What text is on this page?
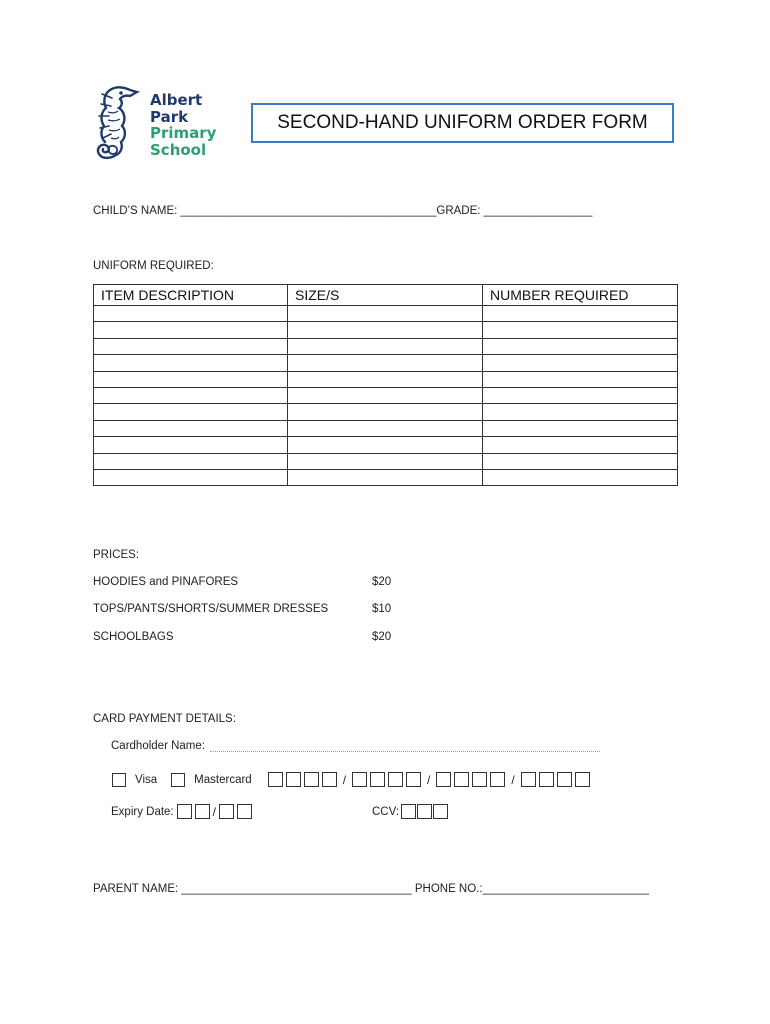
Albert
Park
Primary
School
SECOND-HAND UNIFORM ORDER FORM
CHILD’S NAME: ________________________________________GRADE: _________________
UNIFORM REQUIRED:
ITEM DESCRIPTION	SIZE/S	NUMBER REQUIRED

PRICES:
HOODIES and PINAFORES	$20
TOPS/PANTS/SHORTS/SUMMER DRESSES	$10
SCHOOLBAGS	$20
CARD PAYMENT DETAILS:
Cardholder Name:
Visa	Mastercard	/	/	/
Expiry Date:	/	CCV:
PARENT NAME: ____________________________________ PHONE NO.:__________________________
